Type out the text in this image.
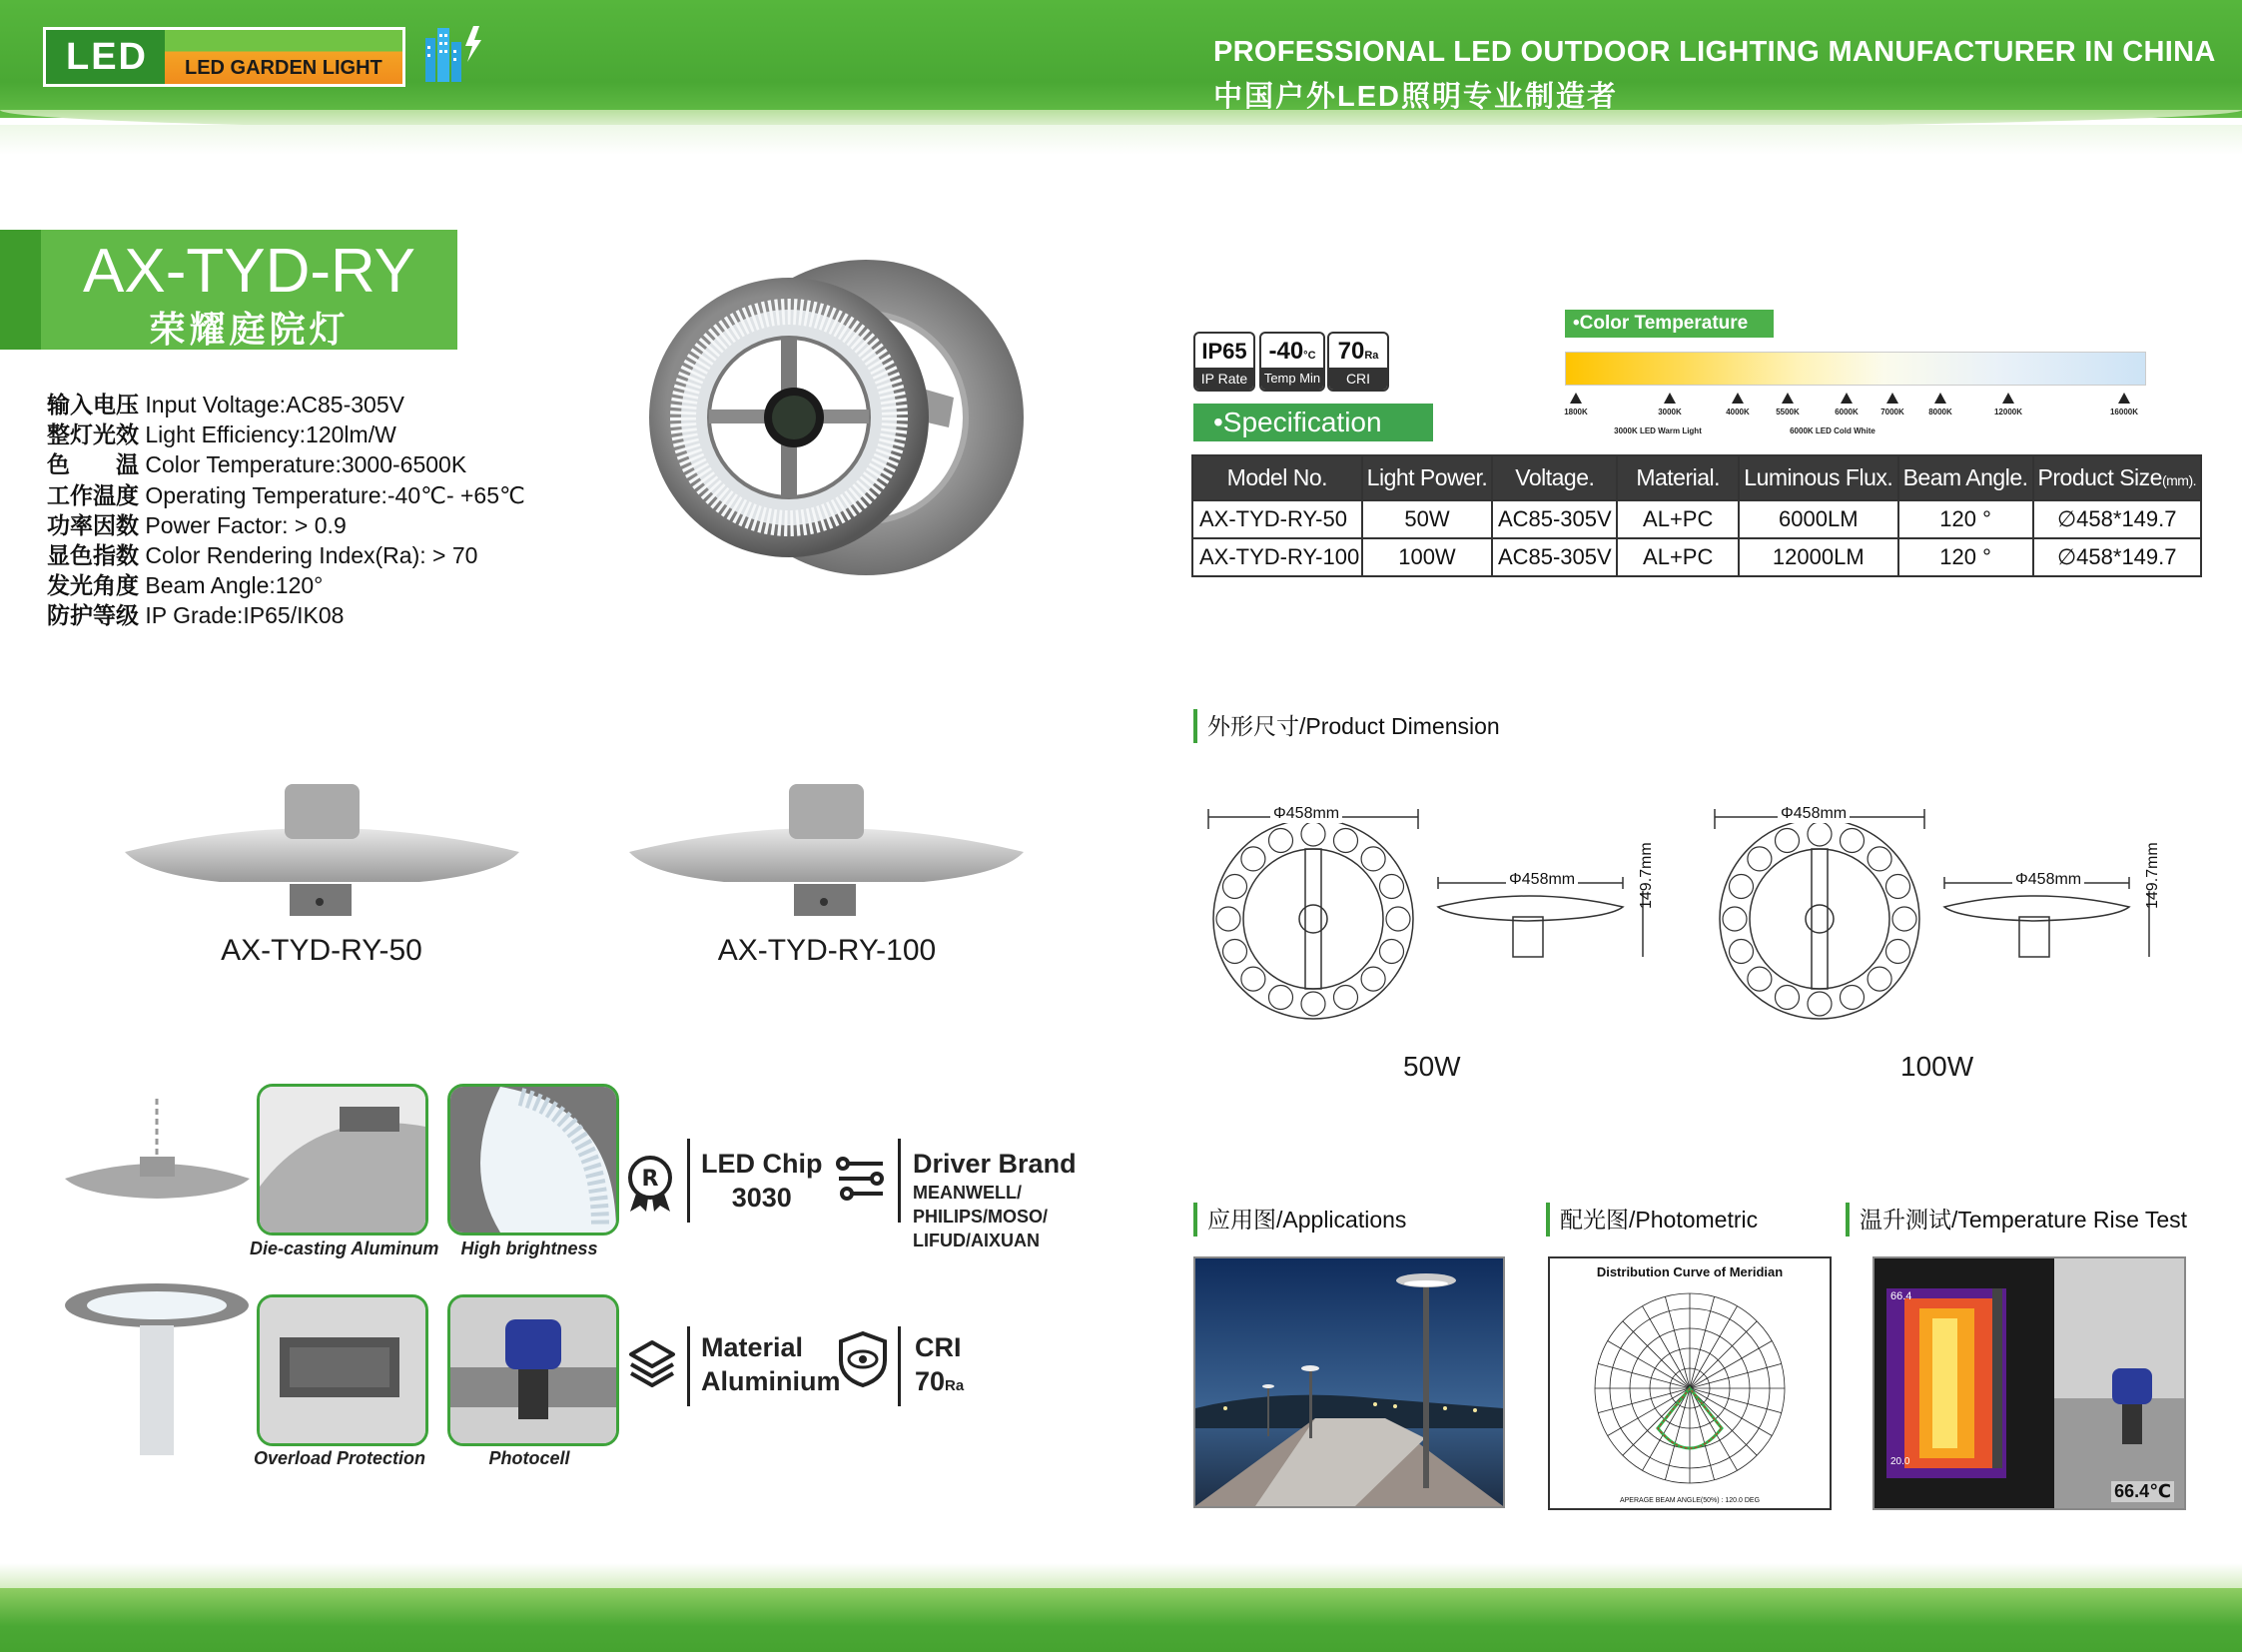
LED	LED GARDEN LIGHT	PROFESSIONAL LED OUTDOOR LIGHTING MANUFACTURER IN CHINA
中国户外LED照明专业制造者
AX-TYD-RY
荣耀庭院灯
输入电压 Input Voltage:AC85-305V
整灯光效 Light Efficiency:120lm/W
色　　温 Color Temperature:3000-6500K
工作温度 Operating Temperature:-40℃- +65℃
功率因数 Power Factor: > 0.9
显色指数 Color Rendering Index(Ra): > 70
发光角度 Beam Angle:120°
防护等级 IP Grade:IP65/IK08
AX-TYD-RY-50	AX-TYD-RY-100
Die-casting Aluminum	High brightness
Overload Protection	Photocell
R
LED Chip
3030
Driver Brand
MEANWELL/
PHILIPS/MOSO/
LIFUD/AIXUAN
Material
Aluminium
CRI
70Ra
IP65
IP Rate
-40°C
Temp Min
70Ra
CRI
•Specification
•Color Temperature
1800K	3000K	4000K	5500K	6000K	7000K	8000K	12000K	16000K
3000K LED Warm Light	6000K LED Cold White
Model No.	Light Power.	Voltage.	Material.	Luminous Flux.	Beam Angle.	Product Size(mm).
AX-TYD-RY-50	50W	AC85-305V	AL+PC	6000LM	120 °	∅458*149.7
AX-TYD-RY-100	100W	AC85-305V	AL+PC	12000LM	120 °	∅458*149.7
外形尺寸/Product Dimension
Φ458mm
Φ458mm	149.7mm
50W
Φ458mm
Φ458mm	149.7mm
100W
应用图/Applications	配光图/Photometric	温升测试/Temperature Rise Test
Distribution Curve of Meridian
APERAGE BEAM ANGLE(50%) : 120.0 DEG
66.4
20.0
66.4℃
